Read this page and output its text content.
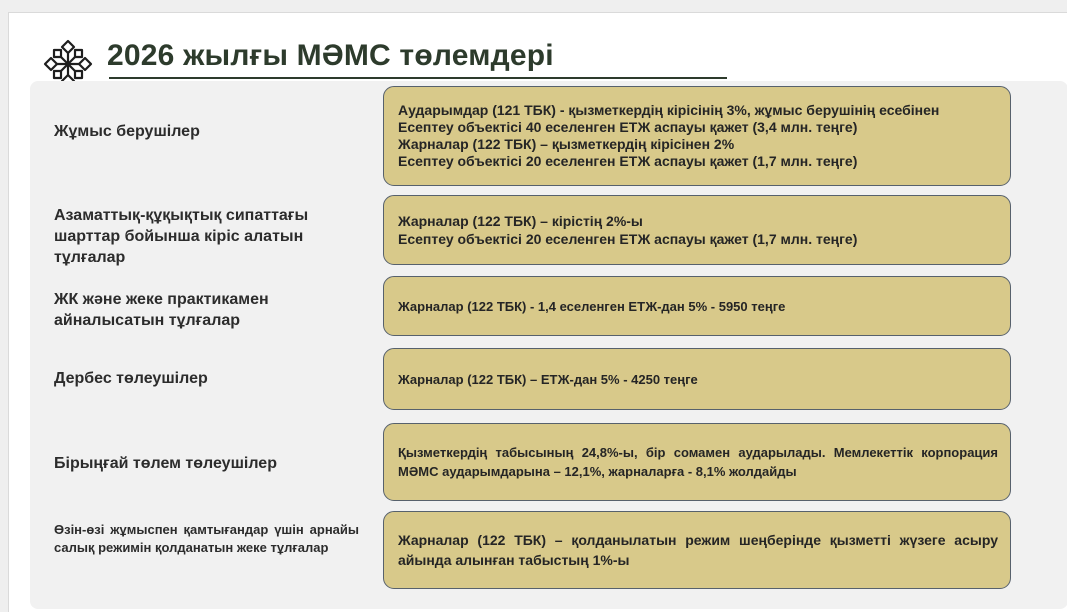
2026 жылғы МӘМС төлемдері
Жұмыс берушілер
Аударымдар (121 ТБК) - қызметкердің кірісінің 3%, жұмыс берушінің есебінен
Есептеу объектісі 40 еселенген ЕТЖ аспауы қажет (3,4 млн. теңге)
Жарналар (122 ТБК) – қызметкердің кірісінен 2%
Есептеу объектісі 20 еселенген ЕТЖ аспауы қажет (1,7 млн. теңге)
Азаматтық-құқықтық сипаттағы шарттар бойынша кіріс алатын тұлғалар
Жарналар (122 ТБК) – кірістің 2%-ы
Есептеу объектісі 20 еселенген ЕТЖ аспауы қажет (1,7 млн. теңге)
ЖК және жеке практикамен айналысатын тұлғалар
Жарналар (122 ТБК) - 1,4 еселенген ЕТЖ-дан 5% - 5950 теңге
Дербес төлеушілер	Жарналар (122 ТБК) – ЕТЖ-дан 5% - 4250 теңге
Бірыңғай төлем төлеушілер
Қызметкердің табысының 24,8%-ы, бір сомамен аударылады. Мемлекеттік корпорация МӘМС аударымдарына – 12,1%, жарналарға - 8,1% жолдайды
Өзін-өзі жұмыспен қамтығандар үшін арнайы салық режимін қолданатын жеке тұлғалар	Жарналар (122 ТБК) – қолданылатын режим шеңберінде қызметті жүзеге асыру айында алынған табыстың 1%-ы
